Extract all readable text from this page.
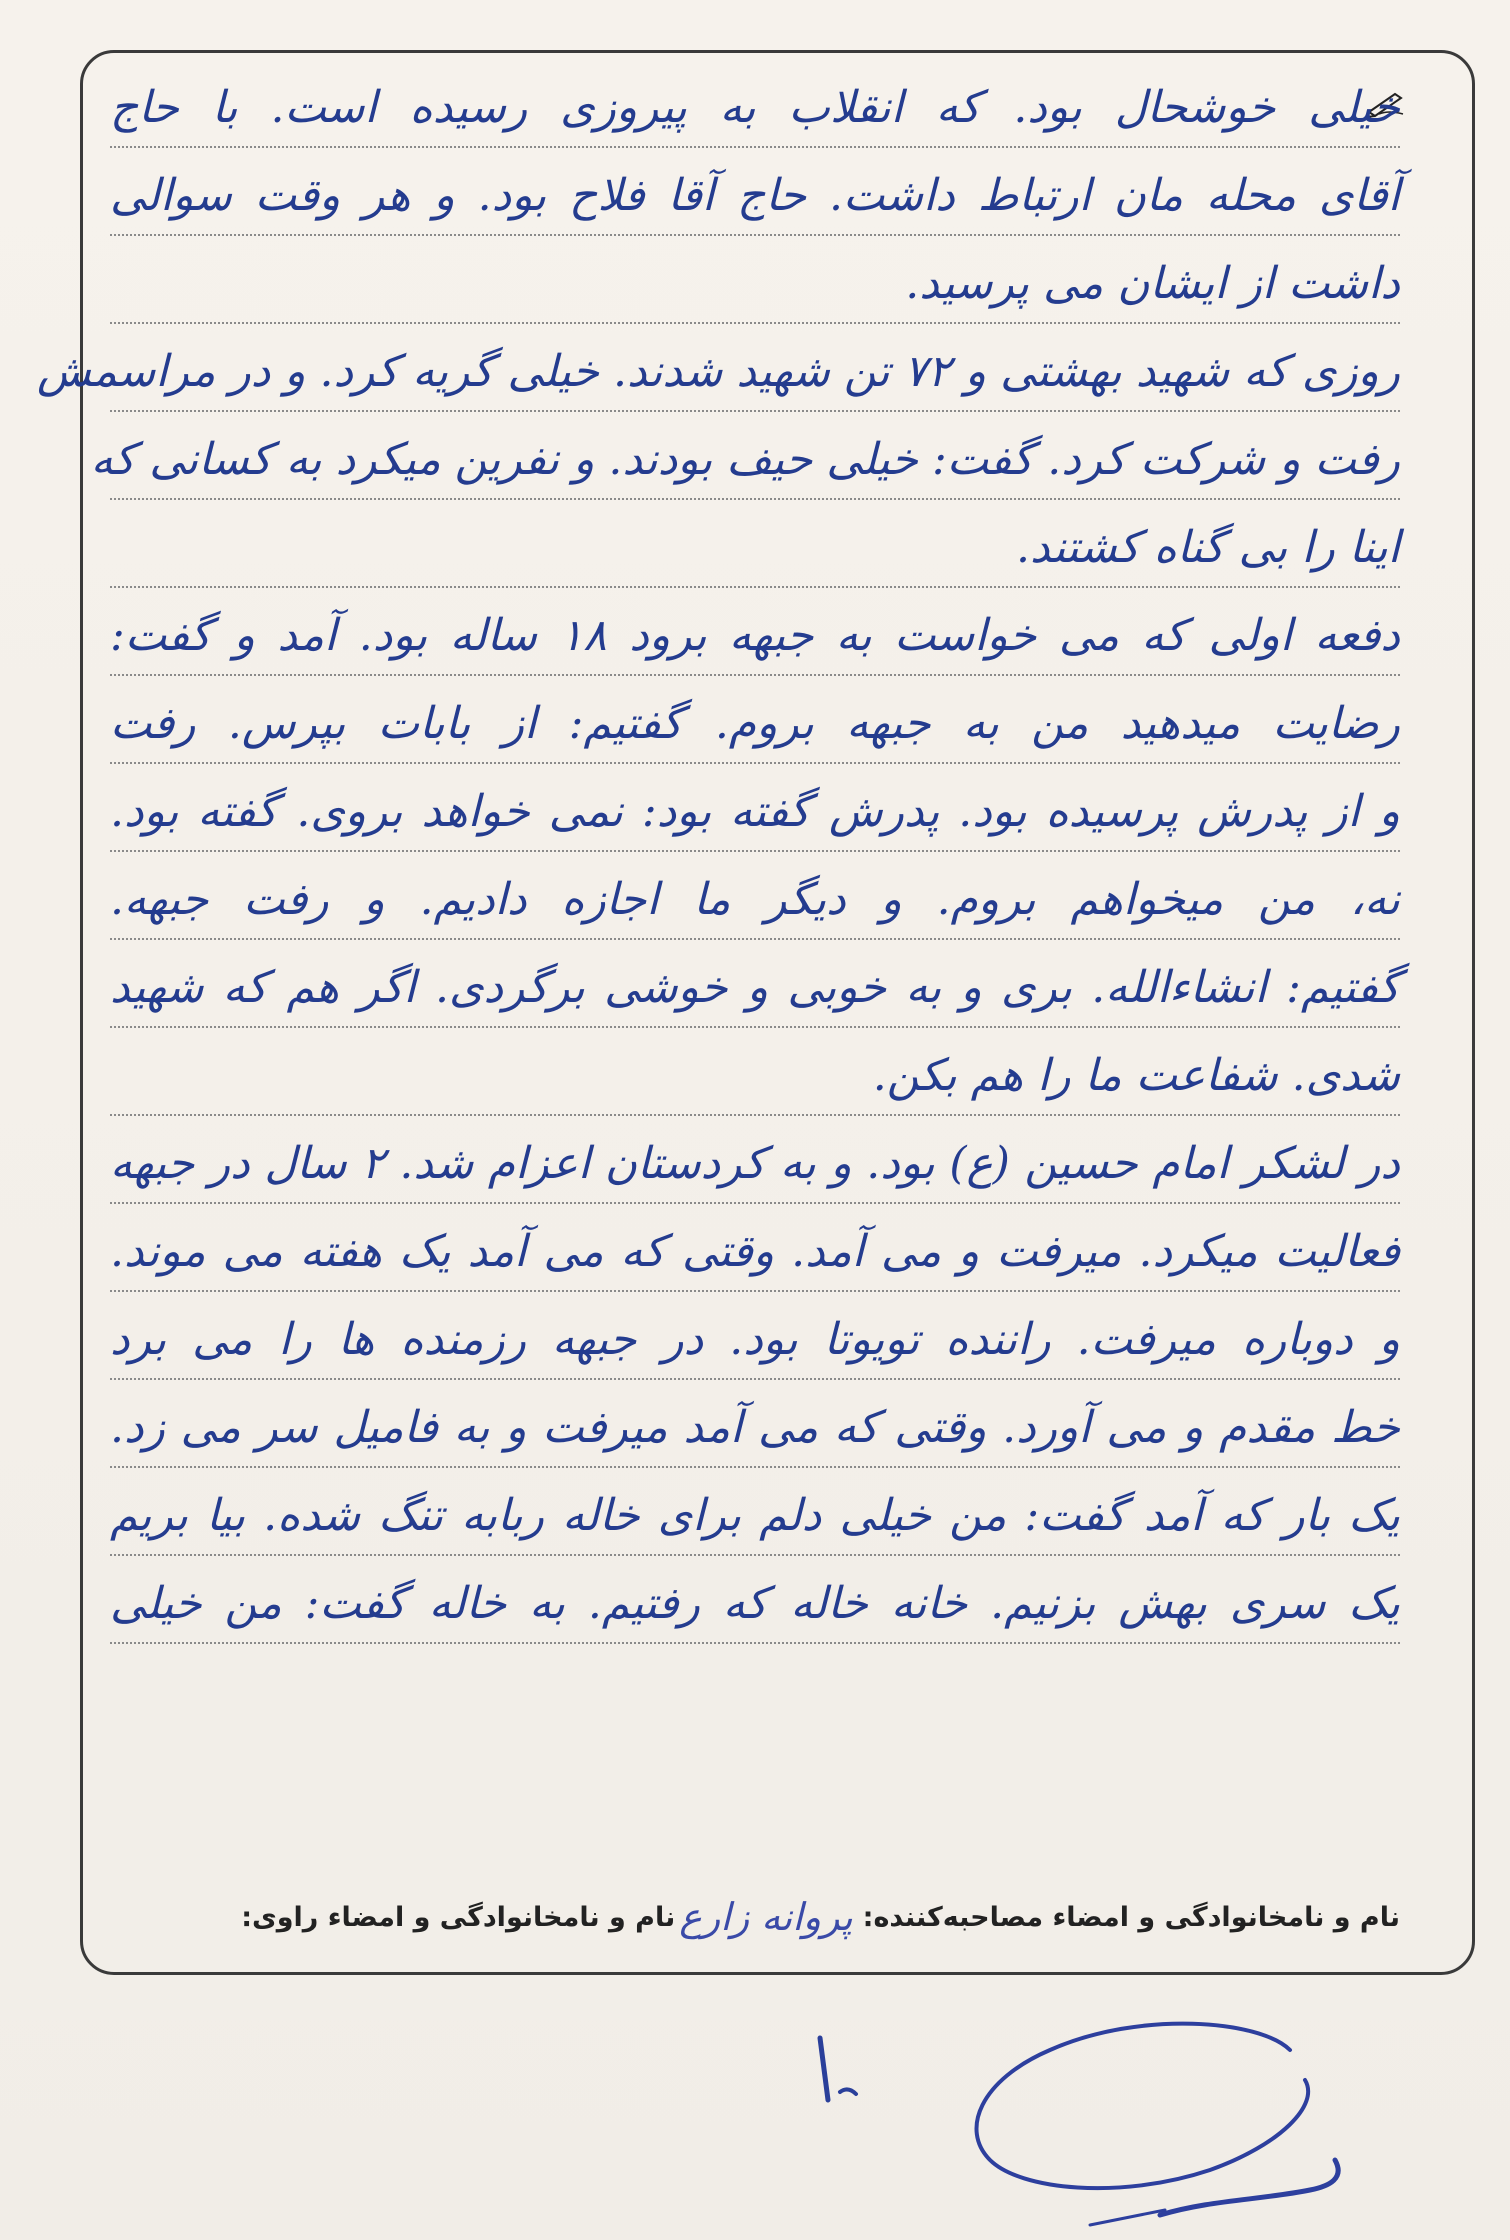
خیلی خوشحال بود. که انقلاب به پیروزی رسیده است. با حاج
آقای محله مان ارتباط داشت. حاج آقا فلاح بود. و هر وقت سوالی
داشت از ایشان می پرسید.
روزی که شهید بهشتی و ۷۲ تن شهید شدند. خیلی گریه کرد. و در مراسمش
رفت و شرکت کرد. گفت: خیلی حیف بودند. و نفرین میکرد به کسانی که
اینا را بی گناه کشتند.
دفعه اولی که می خواست به جبهه برود ۱۸ ساله بود. آمد و گفت:
رضایت میدهید من به جبهه بروم. گفتیم: از بابات بپرس. رفت
و از پدرش پرسیده بود. پدرش گفته بود: نمی خواهد بروی. گفته بود.
نه، من میخواهم بروم. و دیگر ما اجازه دادیم. و رفت جبهه.
گفتیم: انشاءالله. بری و به خوبی و خوشی برگردی. اگر هم که شهید
شدی. شفاعت ما را هم بکن.
در لشکر امام حسین (ع) بود. و به کردستان اعزام شد. ۲ سال در جبهه
فعالیت میکرد. میرفت و می آمد. وقتی که می آمد یک هفته می موند.
و دوباره میرفت. راننده تویوتا بود. در جبهه رزمنده ها را می برد
خط مقدم و می آورد. وقتی که می آمد میرفت و به فامیل سر می زد.
یک بار که آمد گفت: من خیلی دلم برای خاله ربابه تنگ شده. بیا بریم
یک سری بهش بزنیم. خانه خاله که رفتیم. به خاله گفت: من خیلی
نام و نامخانوادگی و امضاء مصاحبه‌کننده:
پروانه زارع
نام و نامخانوادگی و امضاء راوی:
۱۰
